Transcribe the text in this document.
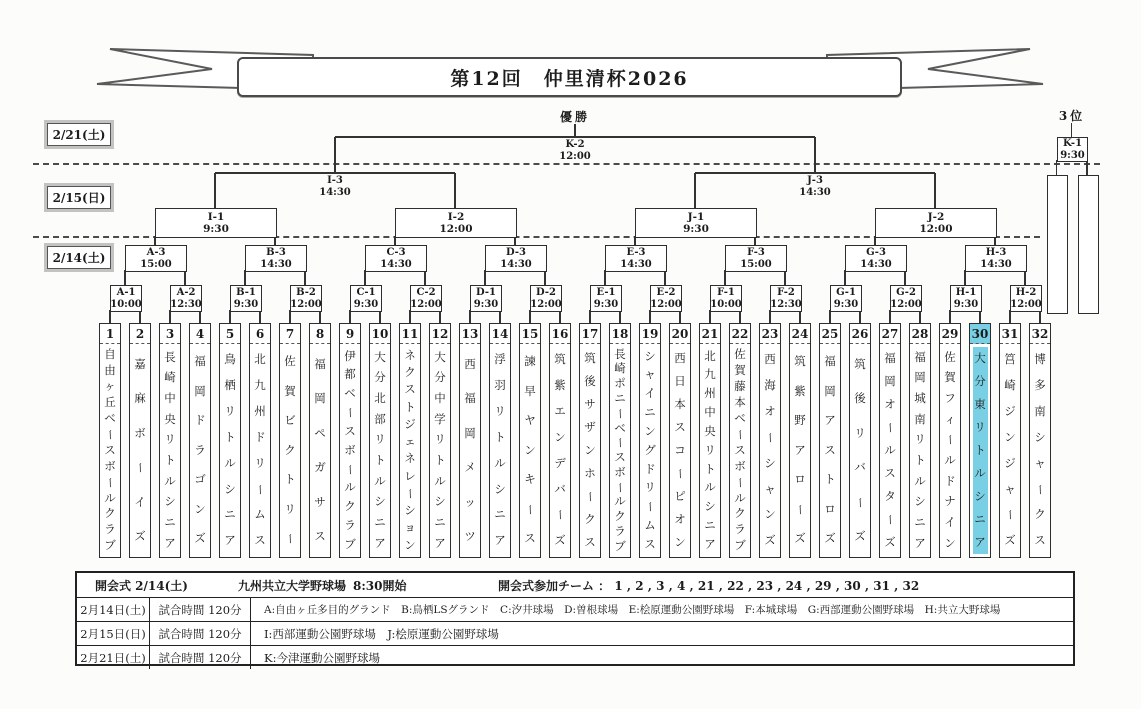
第12回　仲里清杯2026
2/21(土)
2/15(日)
2/14(土)
優勝	3位
1
自
由
ヶ
丘
ベ
ー
ス
ボ
ー
ル
ク
ラ
ブ
2
嘉
麻
ボ
ー
イ
ズ
3
長
崎
中
央
リ
ト
ル
シ
ニ
ア
4
福
岡
ド
ラ
ゴ
ン
ズ
5
鳥
栖
リ
ト
ル
シ
ニ
ア
6
北
九
州
ド
リ
ー
ム
ス
7
佐
賀
ビ
ク
ト
リ
ー
8
福
岡
ペ
ガ
サ
ス
9
伊
都
ベ
ー
ス
ボ
ー
ル
ク
ラ
ブ
10
大
分
北
部
リ
ト
ル
シ
ニ
ア
11
ネ
ク
ス
ト
ジ
ェ
ネ
レ
ー
シ
ョ
ン
12
大
分
中
学
リ
ト
ル
シ
ニ
ア
13
西
福
岡
メ
ッ
ツ
14
浮
羽
リ
ト
ル
シ
ニ
ア
15
諫
早
ヤ
ン
キ
ー
ス
16
筑
紫
エ
ン
デ
バ
ー
ズ
17
筑
後
サ
ザ
ン
ホ
ー
ク
ス
18
長
崎
ポ
ニ
ー
ベ
ー
ス
ボ
ー
ル
ク
ラ
ブ
19
シ
ャ
イ
ニ
ン
グ
ド
リ
ー
ム
ス
20
西
日
本
ス
コ
ー
ピ
オ
ン
21
北
九
州
中
央
リ
ト
ル
シ
ニ
ア
22
佐
賀
藤
本
ベ
ー
ス
ボ
ー
ル
ク
ラ
ブ
23
西
海
オ
ー
シ
ャ
ン
ズ
24
筑
紫
野
ア
ロ
ー
ズ
25
福
岡
ア
ス
ト
ロ
ズ
26
筑
後
リ
バ
ー
ズ
27
福
岡
オ
ー
ル
ス
タ
ー
ズ
28
福
岡
城
南
リ
ト
ル
シ
ニ
ア
29
佐
賀
フ
ィ
ー
ル
ド
ナ
イ
ン
30
大
分
東
リ
ト
ル
シ
ニ
ア
31
筥
崎
ジ
ン
ジ
ャ
ー
ズ
32
博
多
南
シ
ャ
ー
ク
ス
A-1
10:00
A-2
12:30
B-1
9:30
B-2
12:00
C-1
9:30
C-2
12:00
D-1
9:30
D-2
12:00
E-1
9:30
E-2
12:00
F-1
10:00
F-2
12:30
G-1
9:30
G-2
12:00
H-1
9:30
H-2
12:00
A-3
15:00
B-3
14:30
C-3
14:30
D-3
14:30
E-3
14:30
F-3
15:00
G-3
14:30
H-3
14:30
I-1
9:30
I-2
12:00
J-1
9:30
J-2
12:00
I-3
14:30
J-3
14:30
K-2
12:00
K-1
9:30
開会式 2/14(土)	九州共立大学野球場 8:30開始	開会式参加チーム ： 1 , 2 , 3 , 4 , 21 , 22 , 23 , 24 , 29 , 30 , 31 , 32
2月14日(土)	試合時間 120分	A:自由ヶ丘多目的グランド　B:鳥栖LSグランド　C:汐井球場　D:曽根球場　E:桧原運動公園野球場　F:本城球場　G:西部運動公園野球場　H:共立大野球場
2月15日(日)	試合時間 120分	I:西部運動公園野球場　J:桧原運動公園野球場
2月21日(土)	試合時間 120分	K:今津運動公園野球場
